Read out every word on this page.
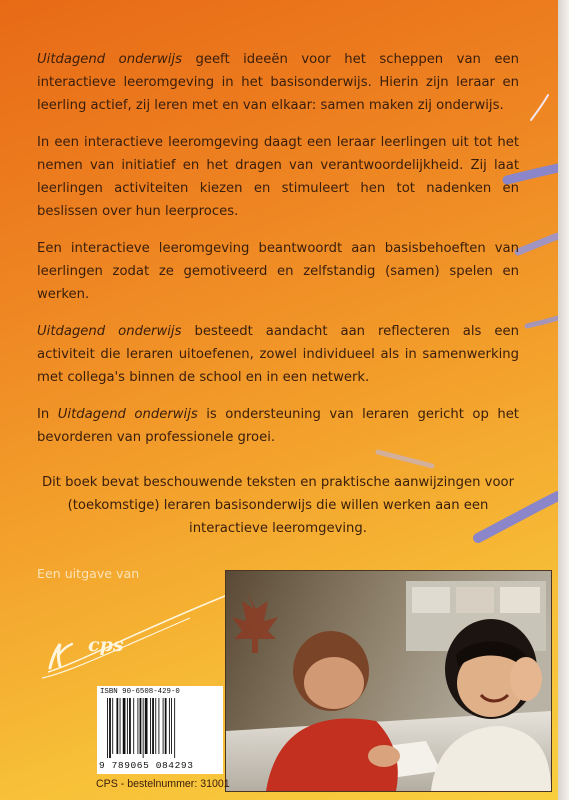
Uitdagend onderwijs geeft ideeën voor het scheppen van een interactieve leeromgeving in het basisonderwijs. Hierin zijn leraar en leerling actief, zij leren met en van elkaar: samen maken zij onderwijs.

In een interactieve leeromgeving daagt een leraar leerlingen uit tot het nemen van initiatief en het dragen van verantwoordelijkheid. Zij laat leerlingen activiteiten kiezen en stimuleert hen tot nadenken en beslissen over hun leerproces.

Een interactieve leeromgeving beantwoordt aan basisbehoeften van leerlingen zodat ze gemotiveerd en zelfstandig (samen) spelen en werken.

Uitdagend onderwijs besteedt aandacht aan reflecteren als een activiteit die leraren uitoefenen, zowel individueel als in samenwerking met collega's binnen de school en in een netwerk.

In Uitdagend onderwijs is ondersteuning van leraren gericht op het bevorderen van professionele groei.

Dit boek bevat beschouwende teksten en praktische aanwijzingen voor (toekomstige) leraren basisonderwijs die willen werken aan een interactieve leeromgeving.

Een uitgave van
cps
ISBN 90-6508-429-0
9 789065 084293
CPS - bestelnummer: 31001
